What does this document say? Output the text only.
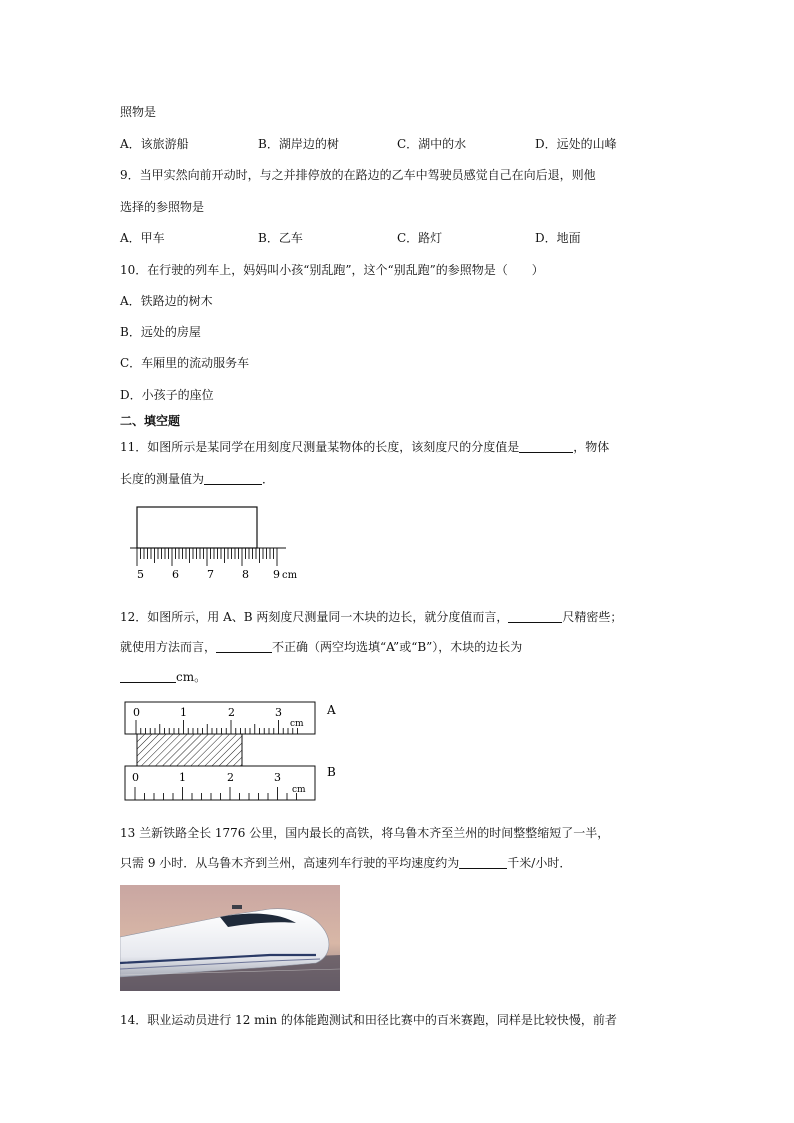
照物是
A．该旅游船	B．湖岸边的树	C．湖中的水	D．远处的山峰
9．当甲实然向前开动时，与之并排停放的在路边的乙车中驾驶员感觉自己在向后退，则他
选择的参照物是
A．甲车	B．乙车	C．路灯	D．地面
10．在行驶的列车上，妈妈叫小孩“别乱跑”，这个“别乱跑”的参照物是（　　）
A．铁路边的树木
B．远处的房屋
C．车厢里的流动服务车
D．小孩子的座位
二、填空题
11．如图所示是某同学在用刻度尺测量某物体的长度，该刻度尺的分度值是	，物体
长度的测量值为	．
5	6	7	8 9 cm
12．如图所示，用 A、B 两刻度尺测量同一木块的边长，就分度值而言，	尺精密些；
就使用方法而言，	不正确（两空均选填“A”或“B”），木块的边长为
cm。
0	1	2	3
cm
A
0	1	2	3
cm
B
13 兰新铁路全长 1776 公里，国内最长的高铁，将乌鲁木齐至兰州的时间整整缩短了一半，
只需 9 小时．从乌鲁木齐到兰州，高速列车行驶的平均速度约为	千米/小时．
14．职业运动员进行 12 min 的体能跑测试和田径比赛中的百米赛跑，同样是比较快慢，前者
